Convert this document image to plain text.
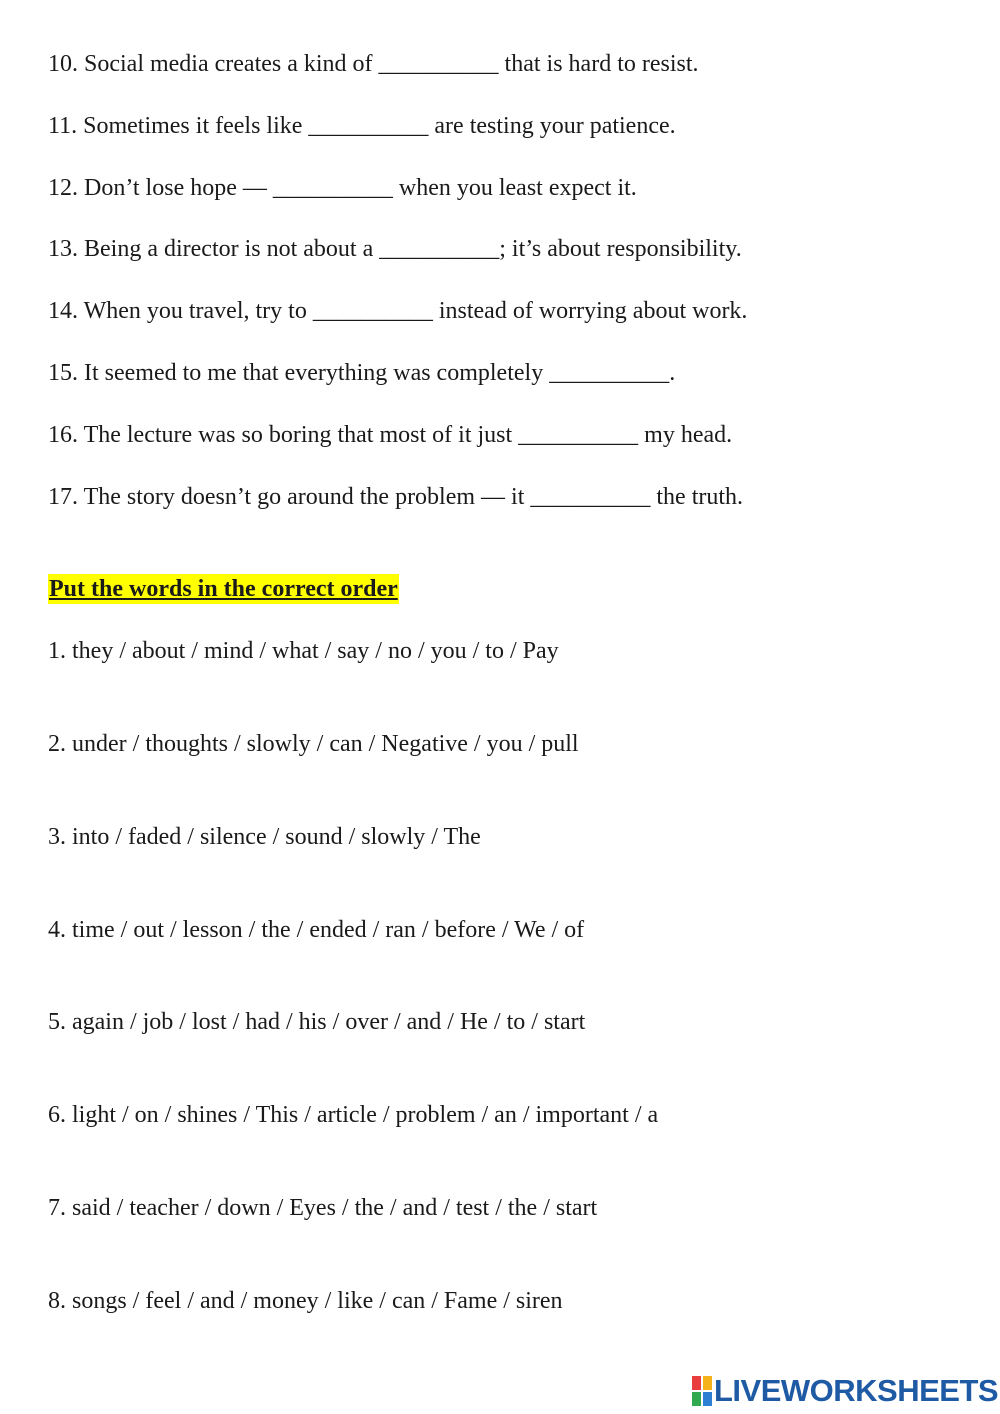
10. Social media creates a kind of __________ that is hard to resist.
11. Sometimes it feels like __________ are testing your patience.
12. Don’t lose hope — __________ when you least expect it.
13. Being a director is not about a __________; it’s about responsibility.
14. When you travel, try to __________ instead of worrying about work.
15. It seemed to me that everything was completely __________.
16. The lecture was so boring that most of it just __________ my head.
17. The story doesn’t go around the problem — it __________ the truth.
Put the words in the correct order
1. they / about / mind / what / say / no / you / to / Pay
2. under / thoughts / slowly / can / Negative / you / pull
3. into / faded / silence / sound / slowly / The
4. time / out / lesson / the / ended / ran / before / We / of
5. again / job / lost / had / his / over / and / He / to / start
6. light / on / shines / This / article / problem / an / important / a
7. said / teacher / down / Eyes / the / and / test / the / start
8. songs / feel / and / money / like / can / Fame / siren
LIVEWORKSHEETS
